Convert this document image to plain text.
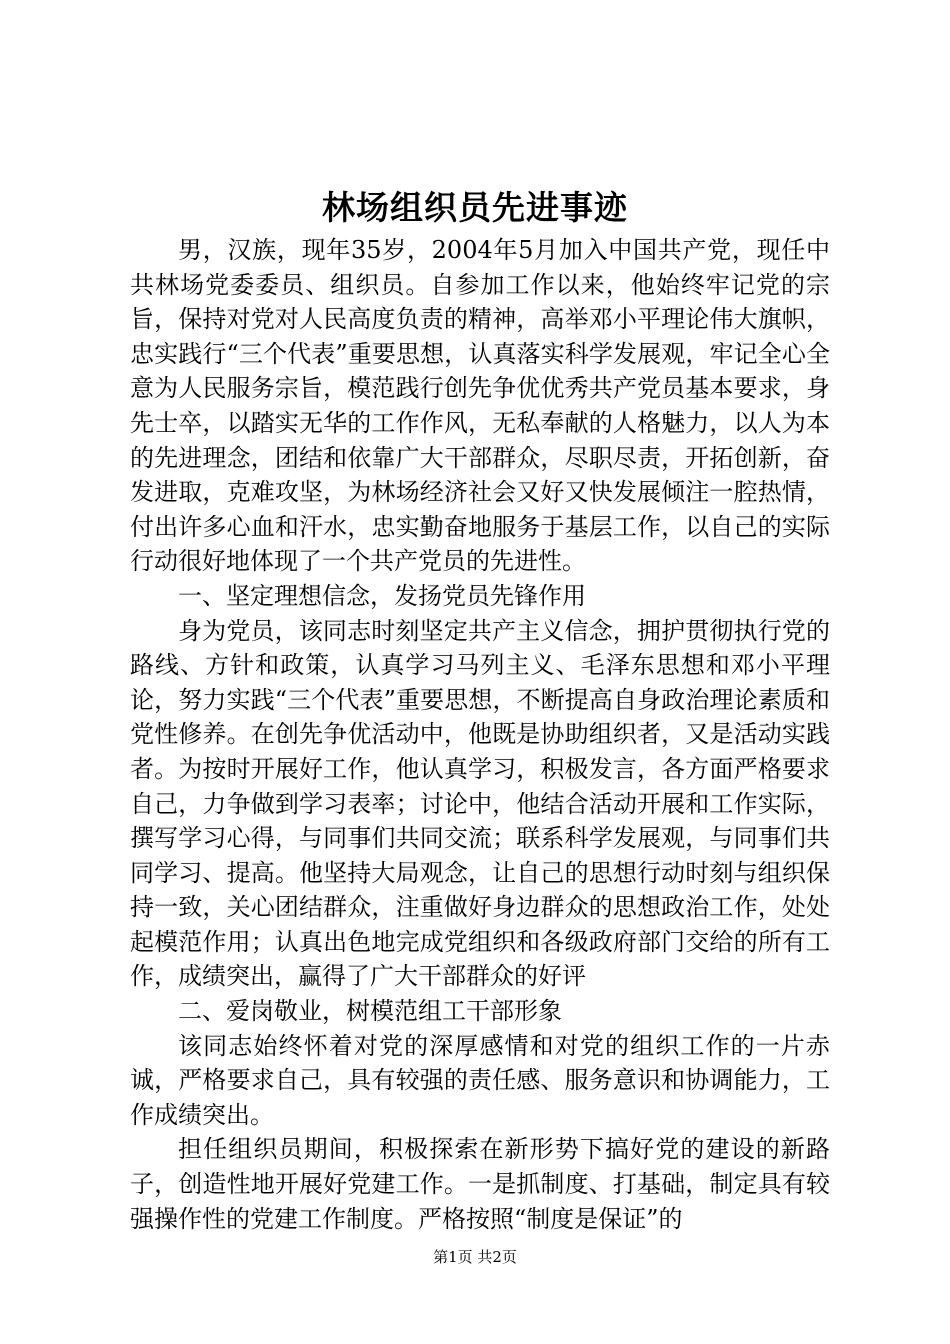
林场组织员先进事迹

男，汉族，现年35岁，2004年5月加入中国共产党，现任中共林场党委委员、组织员。自参加工作以来，他始终牢记党的宗旨，保持对党对人民高度负责的精神，高举邓小平理论伟大旗帜，忠实践行“三个代表”重要思想，认真落实科学发展观，牢记全心全意为人民服务宗旨，模范践行创先争优优秀共产党员基本要求，身先士卒，以踏实无华的工作作风，无私奉献的人格魅力，以人为本的先进理念，团结和依靠广大干部群众，尽职尽责，开拓创新，奋发进取，克难攻坚，为林场经济社会又好又快发展倾注一腔热情，付出许多心血和汗水，忠实勤奋地服务于基层工作，以自己的实际行动很好地体现了一个共产党员的先进性。

一、坚定理想信念，发扬党员先锋作用

身为党员，该同志时刻坚定共产主义信念，拥护贯彻执行党的路线、方针和政策，认真学习马列主义、毛泽东思想和邓小平理论，努力实践“三个代表”重要思想，不断提高自身政治理论素质和党性修养。在创先争优活动中，他既是协助组织者，又是活动实践者。为按时开展好工作，他认真学习，积极发言，各方面严格要求自己，力争做到学习表率；讨论中，他结合活动开展和工作实际，撰写学习心得，与同事们共同交流；联系科学发展观，与同事们共同学习、提高。他坚持大局观念，让自己的思想行动时刻与组织保持一致，关心团结群众，注重做好身边群众的思想政治工作，处处起模范作用；认真出色地完成党组织和各级政府部门交给的所有工作，成绩突出，赢得了广大干部群众的好评

二、爱岗敬业，树模范组工干部形象

该同志始终怀着对党的深厚感情和对党的组织工作的一片赤诚，严格要求自己，具有较强的责任感、服务意识和协调能力，工作成绩突出。

担任组织员期间，积极探索在新形势下搞好党的建设的新路子，创造性地开展好党建工作。一是抓制度、打基础，制定具有较强操作性的党建工作制度。严格按照“制度是保证”的

第1页 共2页
